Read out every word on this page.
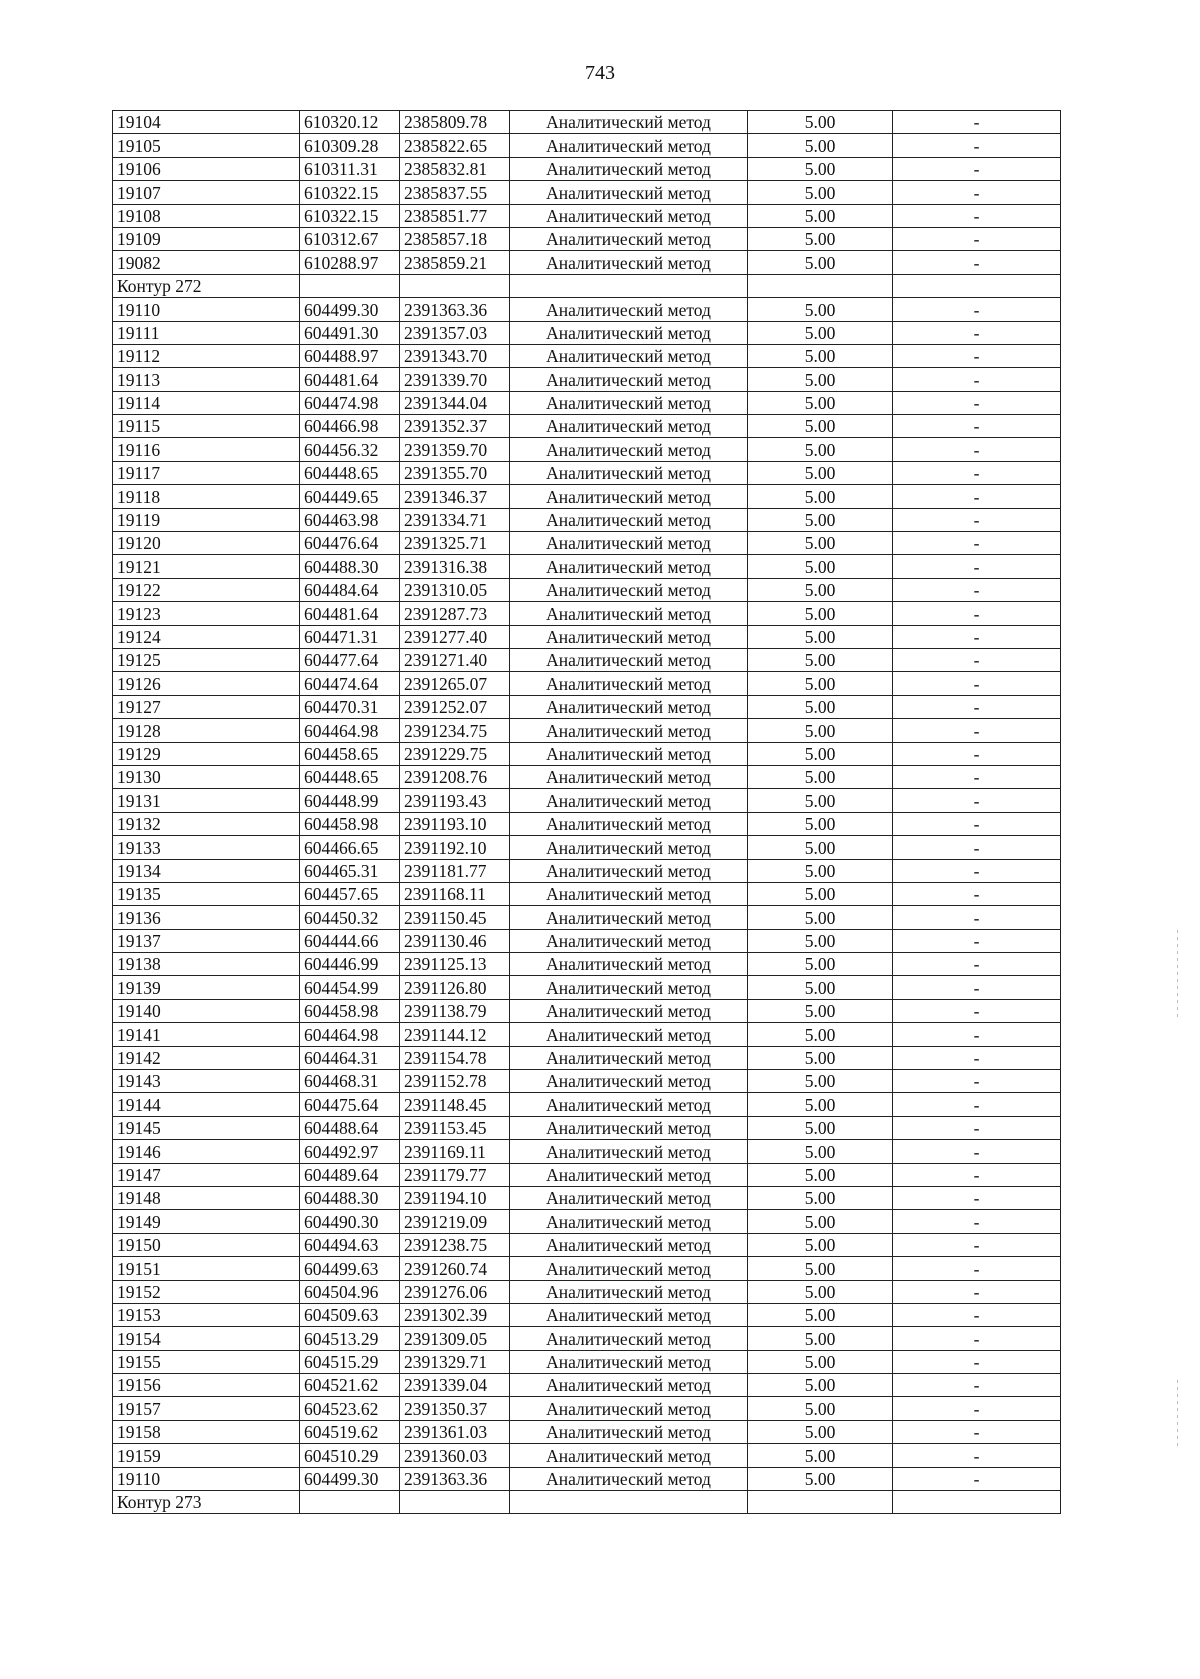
743
19104	610320.12	2385809.78	Аналитический метод	5.00	-
19105	610309.28	2385822.65	Аналитический метод	5.00	-
19106	610311.31	2385832.81	Аналитический метод	5.00	-
19107	610322.15	2385837.55	Аналитический метод	5.00	-
19108	610322.15	2385851.77	Аналитический метод	5.00	-
19109	610312.67	2385857.18	Аналитический метод	5.00	-
19082	610288.97	2385859.21	Аналитический метод	5.00	-
Контур 272					
19110	604499.30	2391363.36	Аналитический метод	5.00	-
19111	604491.30	2391357.03	Аналитический метод	5.00	-
19112	604488.97	2391343.70	Аналитический метод	5.00	-
19113	604481.64	2391339.70	Аналитический метод	5.00	-
19114	604474.98	2391344.04	Аналитический метод	5.00	-
19115	604466.98	2391352.37	Аналитический метод	5.00	-
19116	604456.32	2391359.70	Аналитический метод	5.00	-
19117	604448.65	2391355.70	Аналитический метод	5.00	-
19118	604449.65	2391346.37	Аналитический метод	5.00	-
19119	604463.98	2391334.71	Аналитический метод	5.00	-
19120	604476.64	2391325.71	Аналитический метод	5.00	-
19121	604488.30	2391316.38	Аналитический метод	5.00	-
19122	604484.64	2391310.05	Аналитический метод	5.00	-
19123	604481.64	2391287.73	Аналитический метод	5.00	-
19124	604471.31	2391277.40	Аналитический метод	5.00	-
19125	604477.64	2391271.40	Аналитический метод	5.00	-
19126	604474.64	2391265.07	Аналитический метод	5.00	-
19127	604470.31	2391252.07	Аналитический метод	5.00	-
19128	604464.98	2391234.75	Аналитический метод	5.00	-
19129	604458.65	2391229.75	Аналитический метод	5.00	-
19130	604448.65	2391208.76	Аналитический метод	5.00	-
19131	604448.99	2391193.43	Аналитический метод	5.00	-
19132	604458.98	2391193.10	Аналитический метод	5.00	-
19133	604466.65	2391192.10	Аналитический метод	5.00	-
19134	604465.31	2391181.77	Аналитический метод	5.00	-
19135	604457.65	2391168.11	Аналитический метод	5.00	-
19136	604450.32	2391150.45	Аналитический метод	5.00	-
19137	604444.66	2391130.46	Аналитический метод	5.00	-
19138	604446.99	2391125.13	Аналитический метод	5.00	-
19139	604454.99	2391126.80	Аналитический метод	5.00	-
19140	604458.98	2391138.79	Аналитический метод	5.00	-
19141	604464.98	2391144.12	Аналитический метод	5.00	-
19142	604464.31	2391154.78	Аналитический метод	5.00	-
19143	604468.31	2391152.78	Аналитический метод	5.00	-
19144	604475.64	2391148.45	Аналитический метод	5.00	-
19145	604488.64	2391153.45	Аналитический метод	5.00	-
19146	604492.97	2391169.11	Аналитический метод	5.00	-
19147	604489.64	2391179.77	Аналитический метод	5.00	-
19148	604488.30	2391194.10	Аналитический метод	5.00	-
19149	604490.30	2391219.09	Аналитический метод	5.00	-
19150	604494.63	2391238.75	Аналитический метод	5.00	-
19151	604499.63	2391260.74	Аналитический метод	5.00	-
19152	604504.96	2391276.06	Аналитический метод	5.00	-
19153	604509.63	2391302.39	Аналитический метод	5.00	-
19154	604513.29	2391309.05	Аналитический метод	5.00	-
19155	604515.29	2391329.71	Аналитический метод	5.00	-
19156	604521.62	2391339.04	Аналитический метод	5.00	-
19157	604523.62	2391350.37	Аналитический метод	5.00	-
19158	604519.62	2391361.03	Аналитический метод	5.00	-
19159	604510.29	2391360.03	Аналитический метод	5.00	-
19110	604499.30	2391363.36	Аналитический метод	5.00	-
Контур 273					
